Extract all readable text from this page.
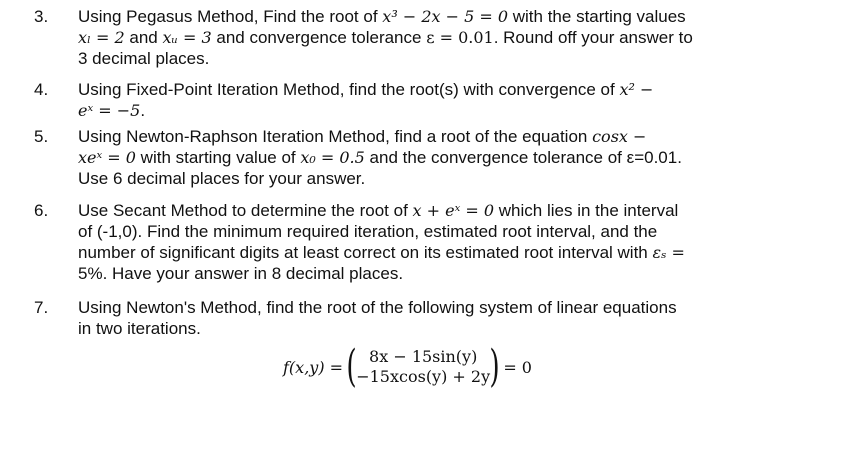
3.	Using Pegasus Method, Find the root of x³ − 2x − 5 = 0 with the starting values
xₗ = 2 and xᵤ = 3 and convergence tolerance ε = 0.01. Round off your answer to
3 decimal places.
4.	Using Fixed-Point Iteration Method, find the root(s) with convergence of x² −
eˣ = −5.
5.	Using Newton-Raphson Iteration Method, find a root of the equation cosx −
xeˣ = 0 with starting value of x₀ = 0.5 and the convergence tolerance of ε=0.01.
Use 6 decimal places for your answer.
6.	Use Secant Method to determine the root of x + eˣ = 0 which lies in the interval
of (-1,0). Find the minimum required iteration, estimated root interval, and the
number of significant digits at least correct on its estimated root interval with εₛ =
5%. Have your answer in 8 decimal places.
7.	Using Newton's Method, find the root of the following system of linear equations
in two iterations.
f(x,y) = ( 8x − 15sin(y)
−15xcos(y) + 2y ) = 0
